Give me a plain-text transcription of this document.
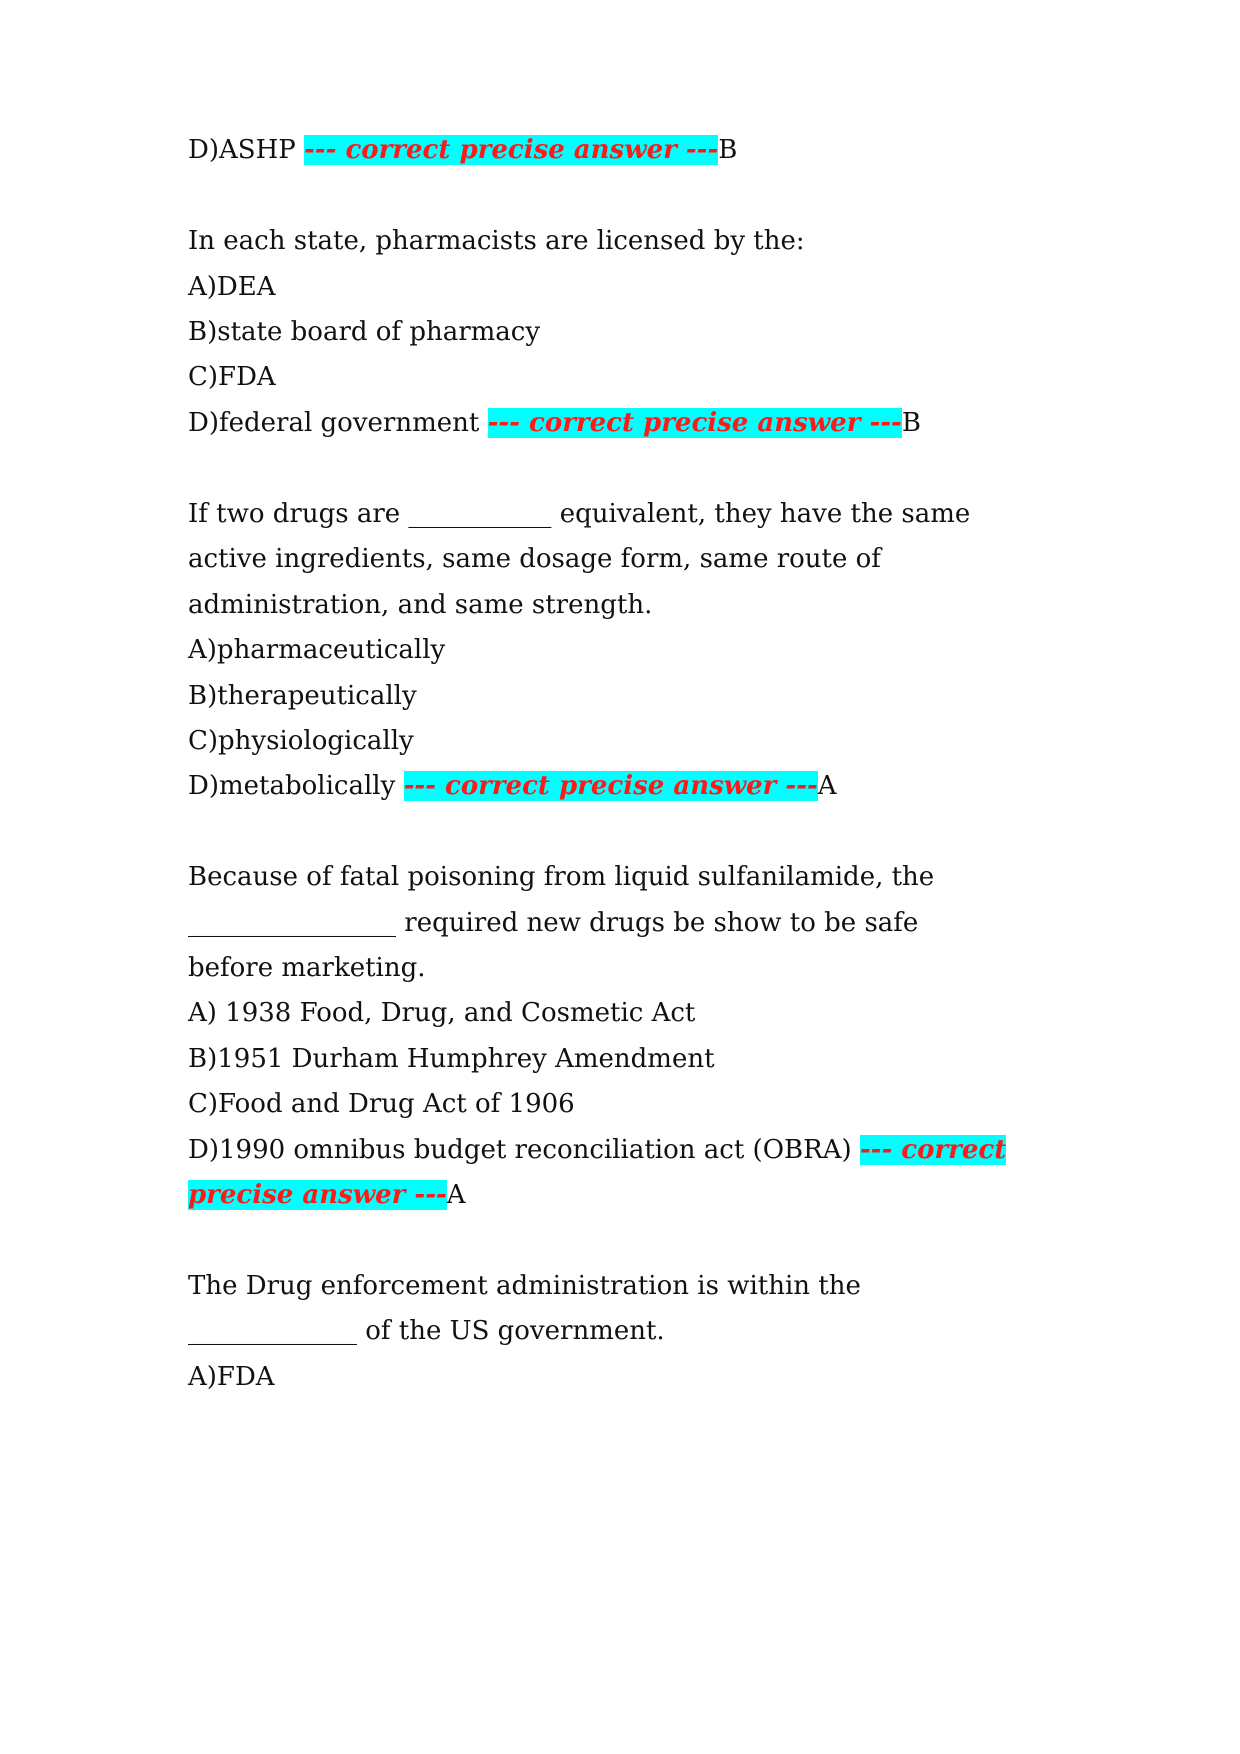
D)ASHP --- correct precise answer ---B
In each state, pharmacists are licensed by the:
A)DEA
B)state board of pharmacy
C)FDA
D)federal government --- correct precise answer ---B
If two drugs are ___________ equivalent, they have the same
active ingredients, same dosage form, same route of
administration, and same strength.
A)pharmaceutically
B)therapeutically
C)physiologically
D)metabolically --- correct precise answer ---A
Because of fatal poisoning from liquid sulfanilamide, the
________________ required new drugs be show to be safe
before marketing.
A) 1938 Food, Drug, and Cosmetic Act
B)1951 Durham Humphrey Amendment
C)Food and Drug Act of 1906
D)1990 omnibus budget reconciliation act (OBRA) --- correct
precise answer ---A
The Drug enforcement administration is within the
_____________ of the US government.
A)FDA
